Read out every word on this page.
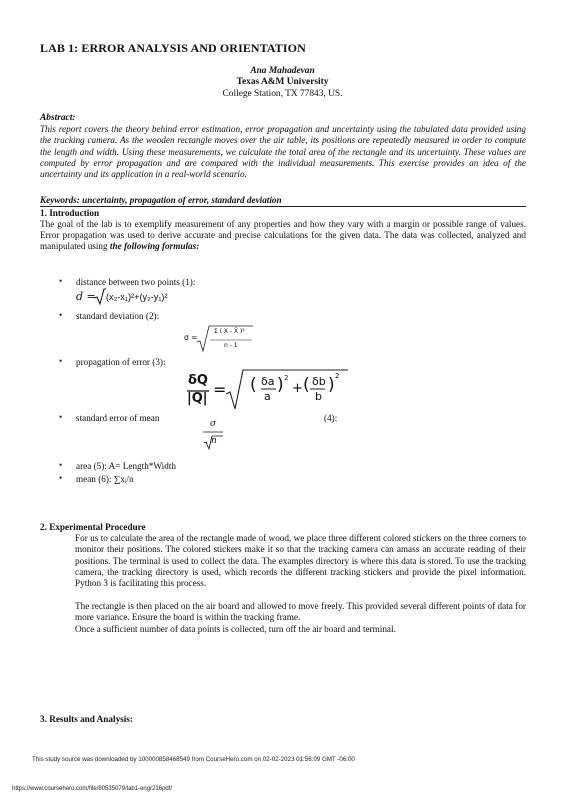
LAB 1: ERROR ANALYSIS AND ORIENTATION
Ana Mahadevan
Texas A&M University
College Station, TX 77843, US.
Abstract:
This report covers the theory behind error estimation, error propagation and uncertainty using the tabulated data provided using the tracking camera. As the wooden rectangle moves over the air table, its positions are repeatedly measured in order to compute the length and width. Using these measurements, we calculate the total area of the rectangle and its uncertainty. These values are computed by error propagation and are compared with the individual measurements. This exercise provides an idea of the uncertainty and its application in a real-world scenario.
Keywords: uncertainty, propagation of error, standard deviation
1. Introduction
The goal of the lab is to exemplify measurement of any properties and how they vary with a margin or possible range of values. Error propagation was used to derive accurate and precise calculations for the given data. The data was collected, analyzed and manipulated using the following formulas:
• distance between two points (1):
d = (x₂-x₁)²+(y₂-y₁)²
• standard deviation (2):
σ =
Σ ( X - X̄ )²
n - 1
• propagation of error (3):
δQ
|Q| = ( δa
a
) 2
+ ( δb
b
) 2
• standard error of mean	(4):
σ
n
• area (5): A= Length*Width
• mean (6): ∑xᵢ/n
2. Experimental Procedure
For us to calculate the area of the rectangle made of wood, we place three different colored stickers on the three corners to monitor their positions. The colored stickers make it so that the tracking camera can amass an accurate reading of their positions. The terminal is used to collect the data. The examples directory is where this data is stored. To use the tracking camera, the tracking directory is used, which records the different tracking stickers and provide the pixel information. Python 3 is facilitating this process.
The rectangle is then placed on the air board and allowed to move freely. This provided several different points of data for more variance. Ensure the board is within the tracking frame.
Once a sufficient number of data points is collected, turn off the air board and terminal.
3. Results and Analysis:
This study source was downloaded by 100000858468549 from CourseHero.com on 02-02-2023 01:56:09 GMT -06:00
https://www.coursehero.com/file/80535079/lab1-engr216pdf/
